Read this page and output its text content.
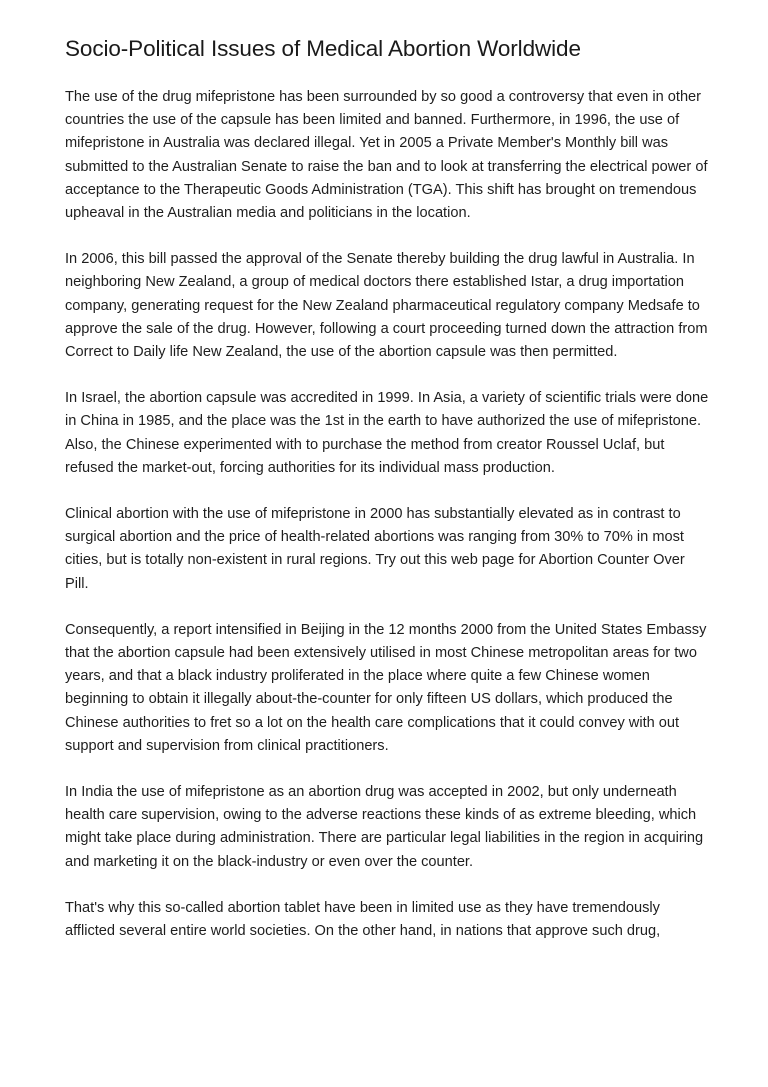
Socio-Political Issues of Medical Abortion Worldwide

The use of the drug mifepristone has been surrounded by so good a controversy that even in other countries the use of the capsule has been limited and banned. Furthermore, in 1996, the use of mifepristone in Australia was declared illegal. Yet in 2005 a Private Member's Monthly bill was submitted to the Australian Senate to raise the ban and to look at transferring the electrical power of acceptance to the Therapeutic Goods Administration (TGA). This shift has brought on tremendous upheaval in the Australian media and politicians in the location.

In 2006, this bill passed the approval of the Senate thereby building the drug lawful in Australia. In neighboring New Zealand, a group of medical doctors there established Istar, a drug importation company, generating request for the New Zealand pharmaceutical regulatory company Medsafe to approve the sale of the drug. However, following a court proceeding turned down the attraction from Correct to Daily life New Zealand, the use of the abortion capsule was then permitted.

In Israel, the abortion capsule was accredited in 1999. In Asia, a variety of scientific trials were done in China in 1985, and the place was the 1st in the earth to have authorized the use of mifepristone. Also, the Chinese experimented with to purchase the method from creator Roussel Uclaf, but refused the market-out, forcing authorities for its individual mass production.

Clinical abortion with the use of mifepristone in 2000 has substantially elevated as in contrast to surgical abortion and the price of health-related abortions was ranging from 30% to 70% in most cities, but is totally non-existent in rural regions. Try out this web page for Abortion Counter Over Pill.

Consequently, a report intensified in Beijing in the 12 months 2000 from the United States Embassy that the abortion capsule had been extensively utilised in most Chinese metropolitan areas for two years, and that a black industry proliferated in the place where quite a few Chinese women beginning to obtain it illegally about-the-counter for only fifteen US dollars, which produced the Chinese authorities to fret so a lot on the health care complications that it could convey with out support and supervision from clinical practitioners.

In India the use of mifepristone as an abortion drug was accepted in 2002, but only underneath health care supervision, owing to the adverse reactions these kinds of as extreme bleeding, which might take place during administration. There are particular legal liabilities in the region in acquiring and marketing it on the black-industry or even over the counter.

That's why this so-called abortion tablet have been in limited use as they have tremendously afflicted several entire world societies. On the other hand, in nations that approve such drug,
